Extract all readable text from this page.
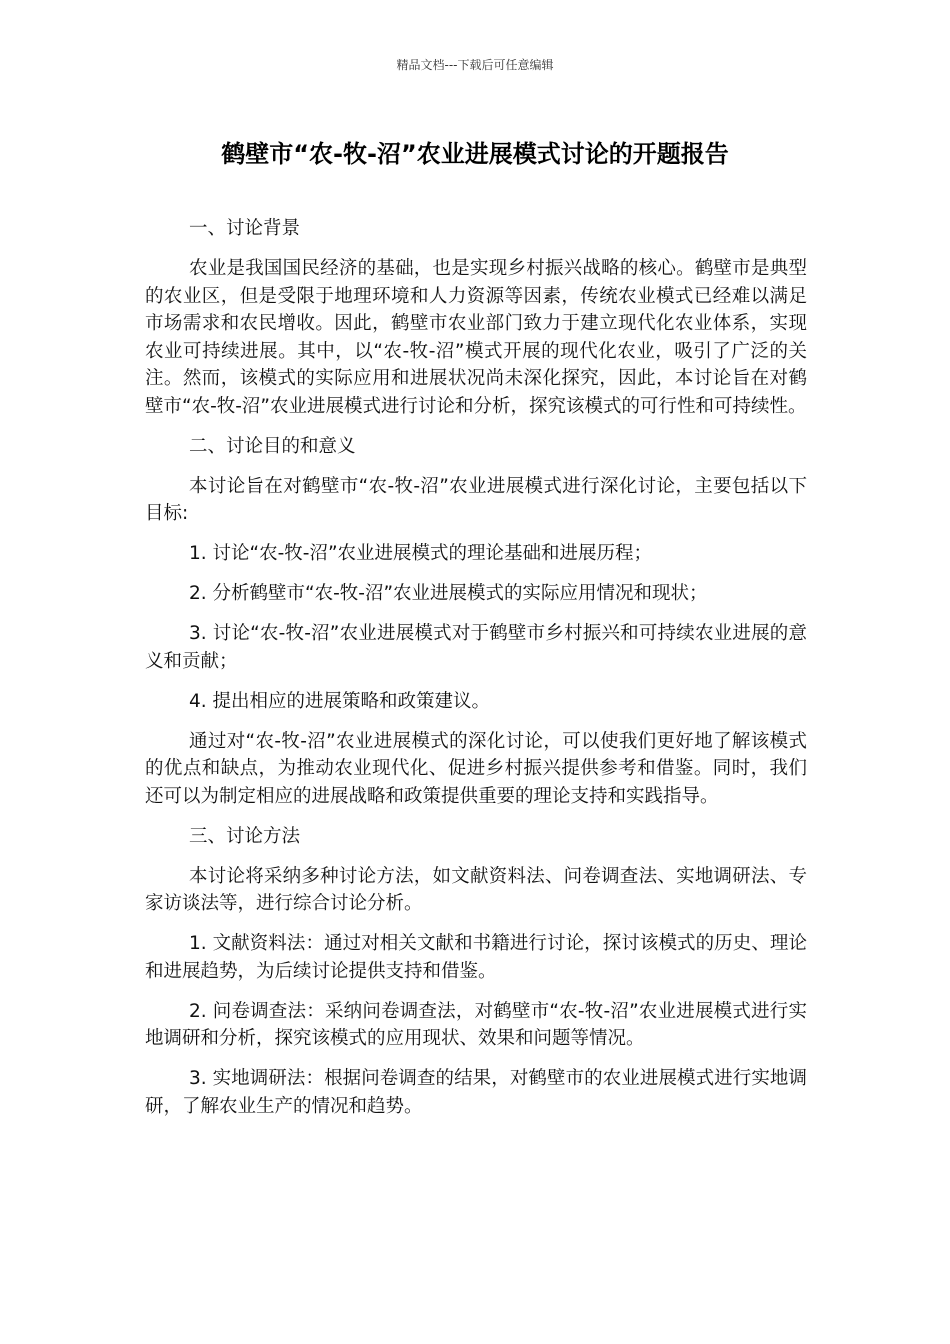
精品文档---下载后可任意编辑
鹤壁市“农-牧-沼”农业进展模式讨论的开题报告

一、讨论背景

农业是我国国民经济的基础，也是实现乡村振兴战略的核心。鹤壁市是典型的农业区，但是受限于地理环境和人力资源等因素，传统农业模式已经难以满足市场需求和农民增收。因此，鹤壁市农业部门致力于建立现代化农业体系，实现农业可持续进展。其中，以“农-牧-沼”模式开展的现代化农业，吸引了广泛的关注。然而，该模式的实际应用和进展状况尚未深化探究，因此，本讨论旨在对鹤壁市“农-牧-沼”农业进展模式进行讨论和分析，探究该模式的可行性和可持续性。

二、讨论目的和意义

本讨论旨在对鹤壁市“农-牧-沼”农业进展模式进行深化讨论，主要包括以下目标:

1. 讨论“农-牧-沼”农业进展模式的理论基础和进展历程；

2. 分析鹤壁市“农-牧-沼”农业进展模式的实际应用情况和现状；

3. 讨论“农-牧-沼”农业进展模式对于鹤壁市乡村振兴和可持续农业进展的意义和贡献；

4. 提出相应的进展策略和政策建议。

通过对“农-牧-沼”农业进展模式的深化讨论，可以使我们更好地了解该模式的优点和缺点，为推动农业现代化、促进乡村振兴提供参考和借鉴。同时，我们还可以为制定相应的进展战略和政策提供重要的理论支持和实践指导。

三、讨论方法

本讨论将采纳多种讨论方法，如文献资料法、问卷调查法、实地调研法、专家访谈法等，进行综合讨论分析。

1. 文献资料法：通过对相关文献和书籍进行讨论，探讨该模式的历史、理论和进展趋势，为后续讨论提供支持和借鉴。

2. 问卷调查法：采纳问卷调查法，对鹤壁市“农-牧-沼”农业进展模式进行实地调研和分析，探究该模式的应用现状、效果和问题等情况。

3. 实地调研法：根据问卷调查的结果，对鹤壁市的农业进展模式进行实地调研，了解农业生产的情况和趋势。
